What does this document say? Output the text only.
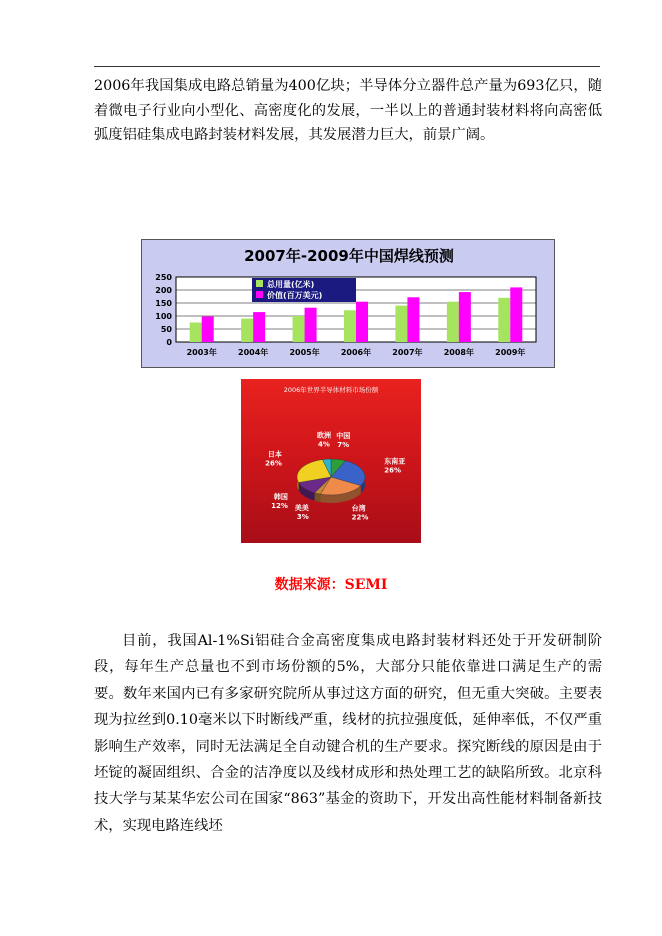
2006年我国集成电路总销量为400亿块；半导体分立器件总产量为693亿只，随着微电子行业向小型化、高密度化的发展，一半以上的普通封装材料将向高密低弧度铝硅集成电路封装材料发展，其发展潜力巨大，前景广阔。

2007年-2009年中国焊线预测
0
50
100
150
200
250
2003年	2004年	2005年	2006年	2007年	2008年	2009年
总用量(亿米)
价值(百万美元)
2006年世界半导体材料市场份额
中国
7%
东南亚
26%
台湾
22%
美美
3%
韩国
12%
日本
26%
欧洲
4%
数据来源：SEMI

目前，我国Al-1%Si铝硅合金高密度集成电路封装材料还处于开发研制阶段，每年生产总量也不到市场份额的5%，大部分只能依靠进口满足生产的需要。数年来国内已有多家研究院所从事过这方面的研究，但无重大突破。主要表现为拉丝到0.10毫米以下时断线严重，线材的抗拉强度低，延伸率低，不仅严重影响生产效率，同时无法满足全自动键合机的生产要求。探究断线的原因是由于坯锭的凝固组织、合金的洁净度以及线材成形和热处理工艺的缺陷所致。北京科技大学与某某华宏公司在国家“863”基金的资助下，开发出高性能材料制备新技术，实现电路连线坯
